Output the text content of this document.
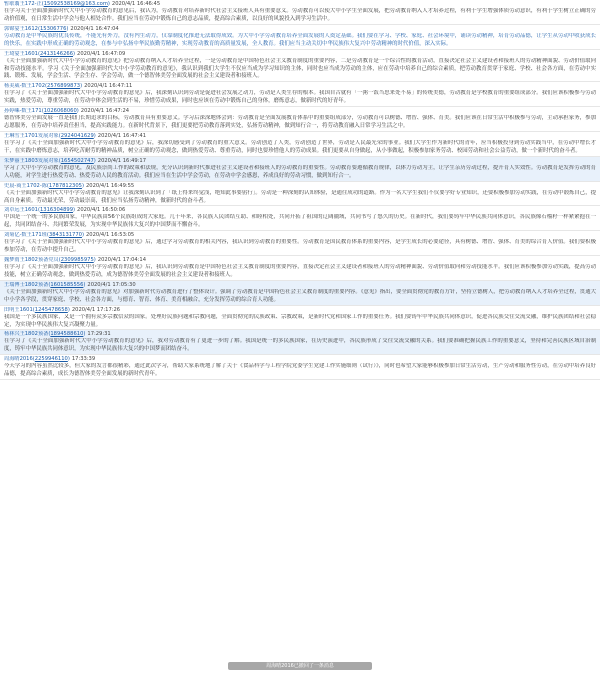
暂歇翥王172-正(15092538169@163.com) 2020/4/1 16:46:45
在学习关于全面加强新时代大中小学劳动教育的意见后，我认为，劳动教育对培养新时代社会主义接班人具有重要意义。劳动教育可以使大中小学生全面发展，把劳动教育纳入人才培养过程，有利于学生增强体质劳动意识，有利于学生树立正确的劳动价值观，在日常生活中学会与他人相处合作。我们应当在劳动中锻炼自己的意志品质，提高综合素质，以良好的风貌投入到学习生活中。
郭锦宴王1612(15306776) 2020/4/1 16:47:04
劳动教育是中华民族的优良传统，不能光有外力，没有内生动力，仅靠制度化推进无法取得成效。为大中小学劳动教育培养全面发展的人奠定基础。我们要在学习、学校、家庭、社会环境中，诵读劳动精神，培育劳动品德，让学生从劳动中收获成长的快乐，在实践中形成正确的劳动观念，在参与中弘扬中华民族勤劳精神，实现劳动教育的高质量发展，全人教育。我们应当主动关切中华民族伟大复兴中劳动精神的时代价值，深入实际。
王琦宴王1601(2413146266) 2020/4/1 16:47:09
《关于全面加强新时代大中小学劳动教育的意见》把劳动教育纳入人才培养全过程，一是劳动教育是中国特色社会主义教育制度的重要内容，二是劳动教育是一个综合性的教育活动，直接决定社会主义建设者和接班人的劳动精神面貌、劳动价值取向和劳动技能水平。学习《关于全面加强新时代大中小学劳动教育的意见》，我认识到我们大学生不仅应当成为学习知识的主体，同时也应当成为劳动的主体，应在劳动中培养自己的综合素质，把劳动教育贯穿于家庭、学校、社会各方面，在劳动中实践、锻炼、发展，学会生活、学会生存、学会劳动，做一个德智体美劳全面发展的社会主义建设者和接班人。
杨美威-数王1702(2576899873) 2020/4/1 16:47:11
在学习了《关于全面加强新时代大中小学劳动教育的意见》后，我深刻认识到劳动是促进社会发展之动力，劳动是人类生存的根本。我国自古就有「一粥一饭当思来处不易」的传统美德，劳动教育是学校教育的重要组成部分。我们应该积极参与劳动实践，热爱劳动，尊重劳动，在劳动中体会到生活的不易，珍惜劳动成果，同时也应该在劳动中锻炼自己的身体，磨炼意志，做新时代的好青年。
孙婷嵊-数王171(1026068060) 2020/4/1 16:47:24
德智体美劳全面发展一直是我们长期追求的目标，劳动教育具有重要意义。学习后深深地体会到：劳动教育是全面发展教育体系中的重要组成部分，劳动教育可以树德、增智、强体、育美。我们应该在日常生活中积极参与劳动，主动承担家务，参加志愿服务，在劳动中培养责任担当，提高实践能力。在新时代背景下，我们更要把劳动教育落到实处，弘扬劳动精神，做到知行合一，将劳动教育融入日常学习生活之中。
王琳雪王1701发展对象(2924041629) 2020/4/1 16:47:41
在学习了《关于全面加强新时代大中小学劳动教育的意见》后，我深切感受到了劳动教育的重大意义。劳动创造了人类，劳动创造了世界，劳动是人民最光荣的事业。我们大学生作为新时代的青年，应当积极投身到劳动实践当中，在劳动中增长才干，在实践中磨炼意志，培养吃苦耐劳的精神品质，树立正确的劳动观念，做到热爱劳动、尊重劳动，同时也要珍惜他人的劳动成果。我们更要从自身做起，从小事做起，积极参加家务劳动、校园劳动和社会公益劳动，做一个新时代的奋斗者。
朱梦丽王1803发展对象(1654502747) 2020/4/1 16:49:17
学习了大中小学劳动教育的意见，及民族崇尚工作的政策和法规，充分认识到新时代推进社会主义建设者和接班人的劳动教育的重要性。劳动教育要遵循教育规律，以体力劳动为主，让学生亲历劳动过程，提升育人实效性。劳动教育是发挥劳动的育人功能，对学生进行热爱劳动、热爱劳动人民的教育活动。我们应当在生活中学会劳动，在劳动中学会感恩，养成良好的劳动习惯，做到知行合一。
史晨-商王1702-陈(1787812305) 2020/4/1 16:49:55
《关于全面加强新时代大中小学劳动教育的意见》让我深刻认识到了「纸上得来终觉浅，绝知此事要躬行」。劳动是一种深刻的认知体验，是通往成功的道路。作为一名大学生我们不仅要学好专业知识，还要积极参加劳动实践，在劳动中锻炼自己，提高自身素质。劳动最光荣，劳动最崇高，我们应当弘扬劳动精神，做新时代的奋斗者。
刘卓远王1601(1316304899) 2020/4/1 16:50:06
中国是一个统一的多民族国家，中华民族由56个民族组成的大家庭。几千年来，各民族人民团结互助、和睦相处，共同开拓了祖国的辽阔疆域，共同书写了悠久的历史。在新时代，我们要铸牢中华民族共同体意识，各民族像石榴籽一样紧紧抱在一起，共同团结奋斗、共同繁荣发展，为实现中华民族伟大复兴的中国梦而不懈奋斗。
刘菊亿-数王171班(3843131770) 2020/4/1 16:53:05
在学习了《关于全面加强新时代大中小学劳动教育的意见》后，通过学习劳动教育的相关内容，我认识到劳动教育的重要性。劳动教育是国民教育体系的重要内容，是学生成长的必要途径，具有树德、增智、强体、育美的综合育人价值。我们要积极参加劳动，在劳动中提升自己。
魏梦雨王1802预备党员(2309985975) 2020/4/1 17:04:14
在学习了《关于全面加强新时代大中小学劳动教育的意见》后，我认识到劳动教育是中国特色社会主义教育制度的重要内容，直接决定社会主义建设者和接班人的劳动精神面貌、劳动价值取向和劳动技能水平。我们应该积极参加劳动实践，提高劳动技能，树立正确劳动观念，做到热爱劳动，成为德智体美劳全面发展的社会主义建设者和接班人。
王瑞博士1802预备(1601585556) 2020/4/1 17:05:30
《关于全面加强新时代大中小学劳动教育的意见》对加强新时代劳动教育进行了整体设计。强调了劳动教育是中国特色社会主义教育制度的重要内容。《意见》指出，要全面贯彻党的教育方针，坚持立德树人，把劳动教育纳入人才培养全过程，贯通大中小学各学段，贯穿家庭、学校、社会各方面，与德育、智育、体育、美育相融合，充分发挥劳动的综合育人功能。
田明王1601(1245478658) 2020/4/1 17:17:26
我国是一个多民族国家，又是一个拥有众多宗教信众的国家。处理好民族问题和宗教问题，全面贯彻党的民族政策、宗教政策，是新时代党和国家工作的重要任务。我们要铸牢中华民族共同体意识，促进各民族交往交流交融，维护民族团结和社会稳定，为实现中华民族伟大复兴凝聚力量。
杨林兴王1802预备(1894588610) 17:29:31
在学习了《关于全面加强新时代大中小学劳动教育的意见》后，我对劳动教育有了更进一步的了解。我国是统一的多民族国家，在历史演进中，各民族形成了交往交流交融的关系。我们要准确把握民族工作的重要意义，坚持和完善民族区域自治制度，铸牢中华民族共同体意识，为实现中华民族伟大复兴的中国梦而团结奋斗。
周海晴2016(2259946110) 17:33:39
今天学习的内容虽然比较多，但大家的发言都很精彩，通过此次学习，帮助大家系统地了解了关于《食品科学与工程学院党委学生党建工作实施细则（试行）》，同时也希望大家能够积极参加日常生活劳动，生产劳动和服务性劳动，在劳动中培养良好品德，提高综合素质，成长为德智体美劳全面发展的新时代青年。
周海晴2016已撤回了一条消息
